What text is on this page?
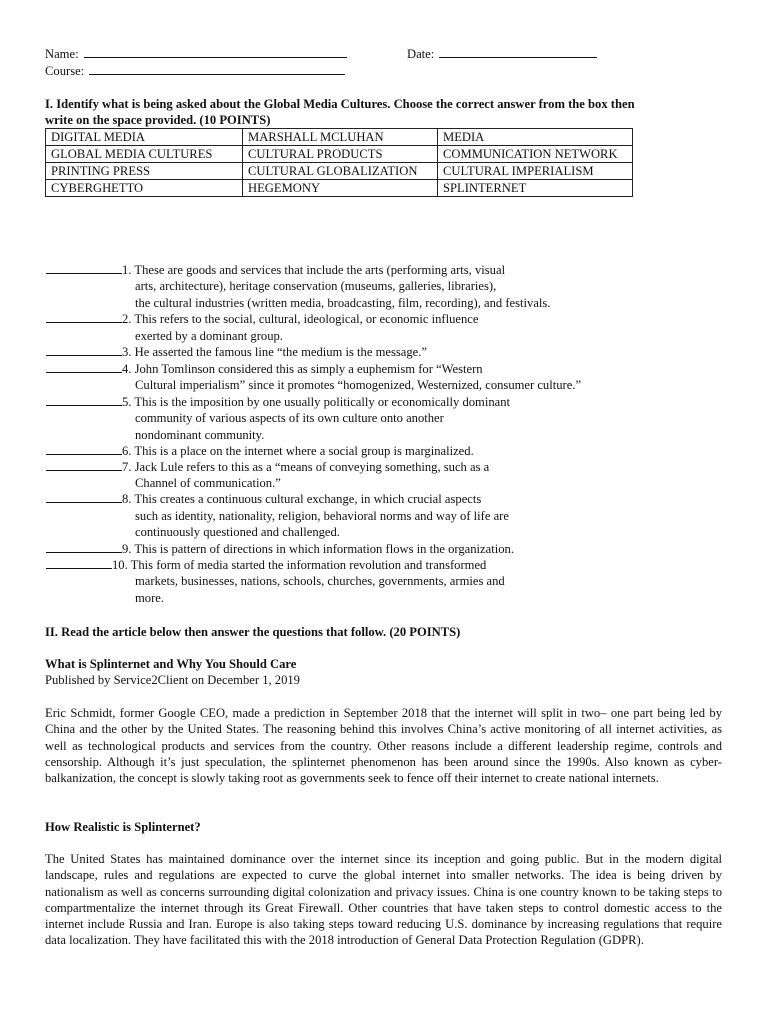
Name:	Date:
Course:
I. Identify what is being asked about the Global Media Cultures. Choose the correct answer from the box then
write on the space provided. (10 POINTS)
DIGITAL MEDIA	MARSHALL MCLUHAN	MEDIA
GLOBAL MEDIA CULTURES	CULTURAL PRODUCTS	COMMUNICATION NETWORK
PRINTING PRESS	CULTURAL GLOBALIZATION	CULTURAL IMPERIALISM
CYBERGHETTO	HEGEMONY	SPLINTERNET
1. These are goods and services that include the arts (performing arts, visual
arts, architecture), heritage conservation (museums, galleries, libraries),
the cultural industries (written media, broadcasting, film, recording), and festivals.
2. This refers to the social, cultural, ideological, or economic influence
exerted by a dominant group.
3. He asserted the famous line “the medium is the message.”
4. John Tomlinson considered this as simply a euphemism for “Western
Cultural imperialism” since it promotes “homogenized, Westernized, consumer culture.”
5. This is the imposition by one usually politically or economically dominant
community of various aspects of its own culture onto another
nondominant community.
6. This is a place on the internet where a social group is marginalized.
7. Jack Lule refers to this as a “means of conveying something, such as a
Channel of communication.”
8. This creates a continuous cultural exchange, in which crucial aspects
such as identity, nationality, religion, behavioral norms and way of life are
continuously questioned and challenged.
9. This is pattern of directions in which information flows in the organization.
10. This form of media started the information revolution and transformed
markets, businesses, nations, schools, churches, governments, armies and
more.
II. Read the article below then answer the questions that follow. (20 POINTS)
What is Splinternet and Why You Should Care
Published by Service2Client on December 1, 2019
Eric Schmidt, former Google CEO, made a prediction in September 2018 that the internet will split in two– one part being led by China and the other by the United States. The reasoning behind this involves China’s active monitoring of all internet activities, as well as technological products and services from the country. Other reasons include a different leadership regime, controls and censorship. Although it’s just speculation, the splinternet phenomenon has been around since the 1990s. Also known as cyber-balkanization, the concept is slowly taking root as governments seek to fence off their internet to create national internets.
How Realistic is Splinternet?
The United States has maintained dominance over the internet since its inception and going public. But in the modern digital landscape, rules and regulations are expected to curve the global internet into smaller networks. The idea is being driven by nationalism as well as concerns surrounding digital colonization and privacy issues. China is one country known to be taking steps to compartmentalize the internet through its Great Firewall. Other countries that have taken steps to control domestic access to the internet include Russia and Iran. Europe is also taking steps toward reducing U.S. dominance by increasing regulations that require data localization. They have facilitated this with the 2018 introduction of General Data Protection Regulation (GDPR).
